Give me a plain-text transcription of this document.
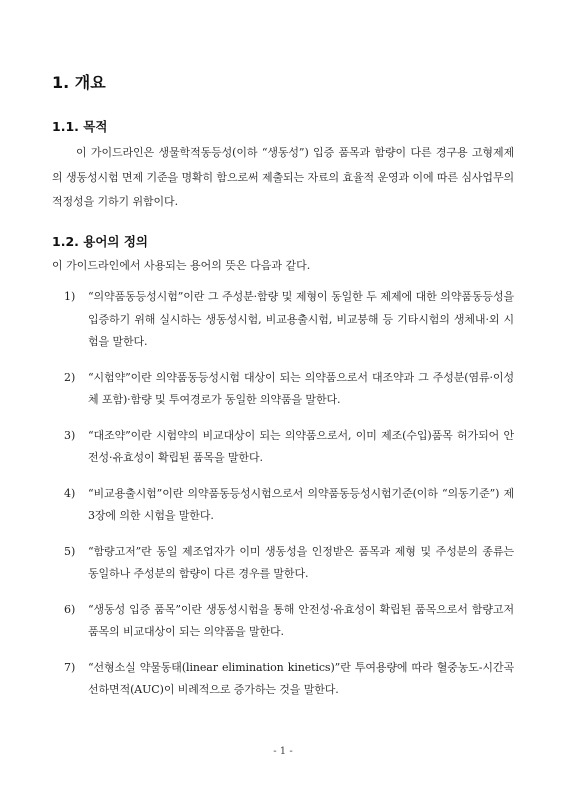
1. 개요
1.1. 목적

이 가이드라인은 생물학적동등성(이하 “생동성”) 입증 품목과 함량이 다른 경구용 고형제제의 생동성시험 면제 기준을 명확히 함으로써 제출되는 자료의 효율적 운영과 이에 따른 심사업무의 적정성을 기하기 위함이다.

1.2. 용어의 정의

이 가이드라인에서 사용되는 용어의 뜻은 다음과 같다.

1) “의약품동등성시험”이란 그 주성분·함량 및 제형이 동일한 두 제제에 대한 의약품동등성을 입증하기 위해 실시하는 생동성시험, 비교용출시험, 비교붕해 등 기타시험의 생체내·외 시험을 말한다.
2) “시험약”이란 의약품동등성시험 대상이 되는 의약품으로서 대조약과 그 주성분(염류·이성체 포함)·함량 및 투여경로가 동일한 의약품을 말한다.
3) “대조약”이란 시험약의 비교대상이 되는 의약품으로서, 이미 제조(수입)품목 허가되어 안전성·유효성이 확립된 품목을 말한다.
4) “비교용출시험”이란 의약품동등성시험으로서 의약품동등성시험기준(이하 “의동기준”) 제3장에 의한 시험을 말한다.
5) “함량고저”란 동일 제조업자가 이미 생동성을 인정받은 품목과 제형 및 주성분의 종류는 동일하나 주성분의 함량이 다른 경우를 말한다.
6) “생동성 입증 품목”이란 생동성시험을 통해 안전성·유효성이 확립된 품목으로서 함량고저 품목의 비교대상이 되는 의약품을 말한다.
7) “선형소실 약물동태(linear elimination kinetics)”란 투여용량에 따라 혈중농도-시간곡선하면적(AUC)이 비례적으로 증가하는 것을 말한다.
- 1 -
